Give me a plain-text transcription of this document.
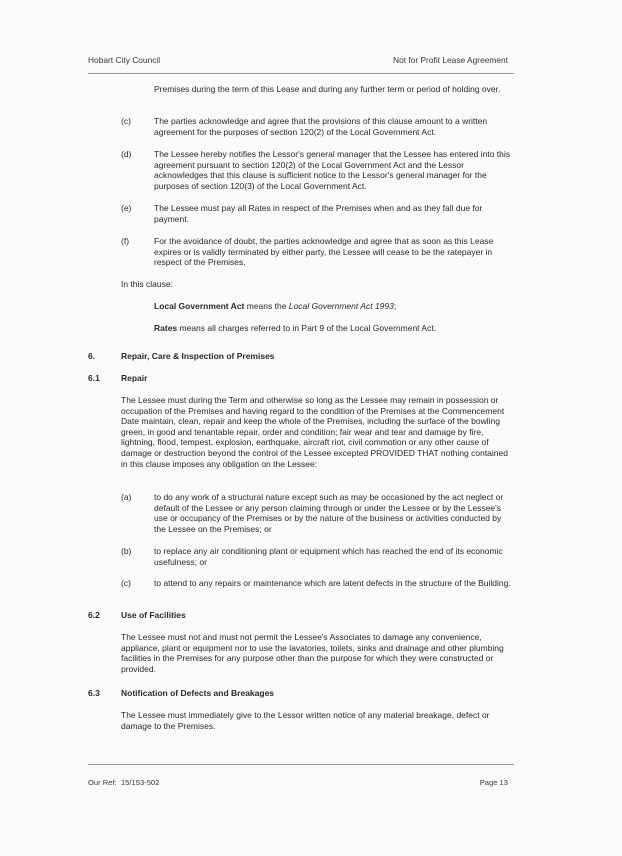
Hobart City Council	Not for Profit Lease Agreement
Premises during the term of this Lease and during any further term or period of holding over.
(c)	The parties acknowledge and agree that the provisions of this clause amount to a written agreement for the purposes of section 120(2) of the Local Government Act.
(d)	The Lessee hereby notifies the Lessor's general manager that the Lessee has entered into this agreement pursuant to section 120(2) of the Local Government Act and the Lessor acknowledges that this clause is sufficient notice to the Lessor's general manager for the purposes of section 120(3) of the Local Government Act.
(e)	The Lessee must pay all Rates in respect of the Premises when and as they fall due for payment.
(f)	For the avoidance of doubt, the parties acknowledge and agree that as soon as this Lease expires or is validly terminated by either party, the Lessee will cease to be the ratepayer in respect of the Premises.
In this clause:
Local Government Act means the Local Government Act 1993;
Rates means all charges referred to in Part 9 of the Local Government Act.
6.	Repair, Care & Inspection of Premises
6.1 Repair
The Lessee must during the Term and otherwise so long as the Lessee may remain in possession or occupation of the Premises and having regard to the condition of the Premises at the Commencement Date maintain, clean, repair and keep the whole of the Premises, including the surface of the bowling green, in good and tenantable repair, order and condition; fair wear and tear and damage by fire, lightning, flood, tempest, explosion, earthquake, aircraft riot, civil commotion or any other cause of damage or destruction beyond the control of the Lessee excepted PROVIDED THAT nothing contained in this clause imposes any obligation on the Lessee:
(a)	to do any work of a structural nature except such as may be occasioned by the act neglect or default of the Lessee or any person claiming through or under the Lessee or by the Lessee's use or occupancy of the Premises or by the nature of the business or activities conducted by the Lessee on the Premises; or
(b)	to replace any air conditioning plant or equipment which has reached the end of its economic usefulness; or
(c)	to attend to any repairs or maintenance which are latent defects in the structure of the Building.
6.2 Use of Facilities
The Lessee must not and must not permit the Lessee's Associates to damage any convenience, appliance, plant or equipment nor to use the lavatories, toilets, sinks and drainage and other plumbing facilities in the Premises for any purpose other than the purpose for which they were constructed or provided.
6.3 Notification of Defects and Breakages
The Lessee must immediately give to the Lessor written notice of any material breakage, defect or damage to the Premises.
Our Ref: 15/153-502	Page 13
